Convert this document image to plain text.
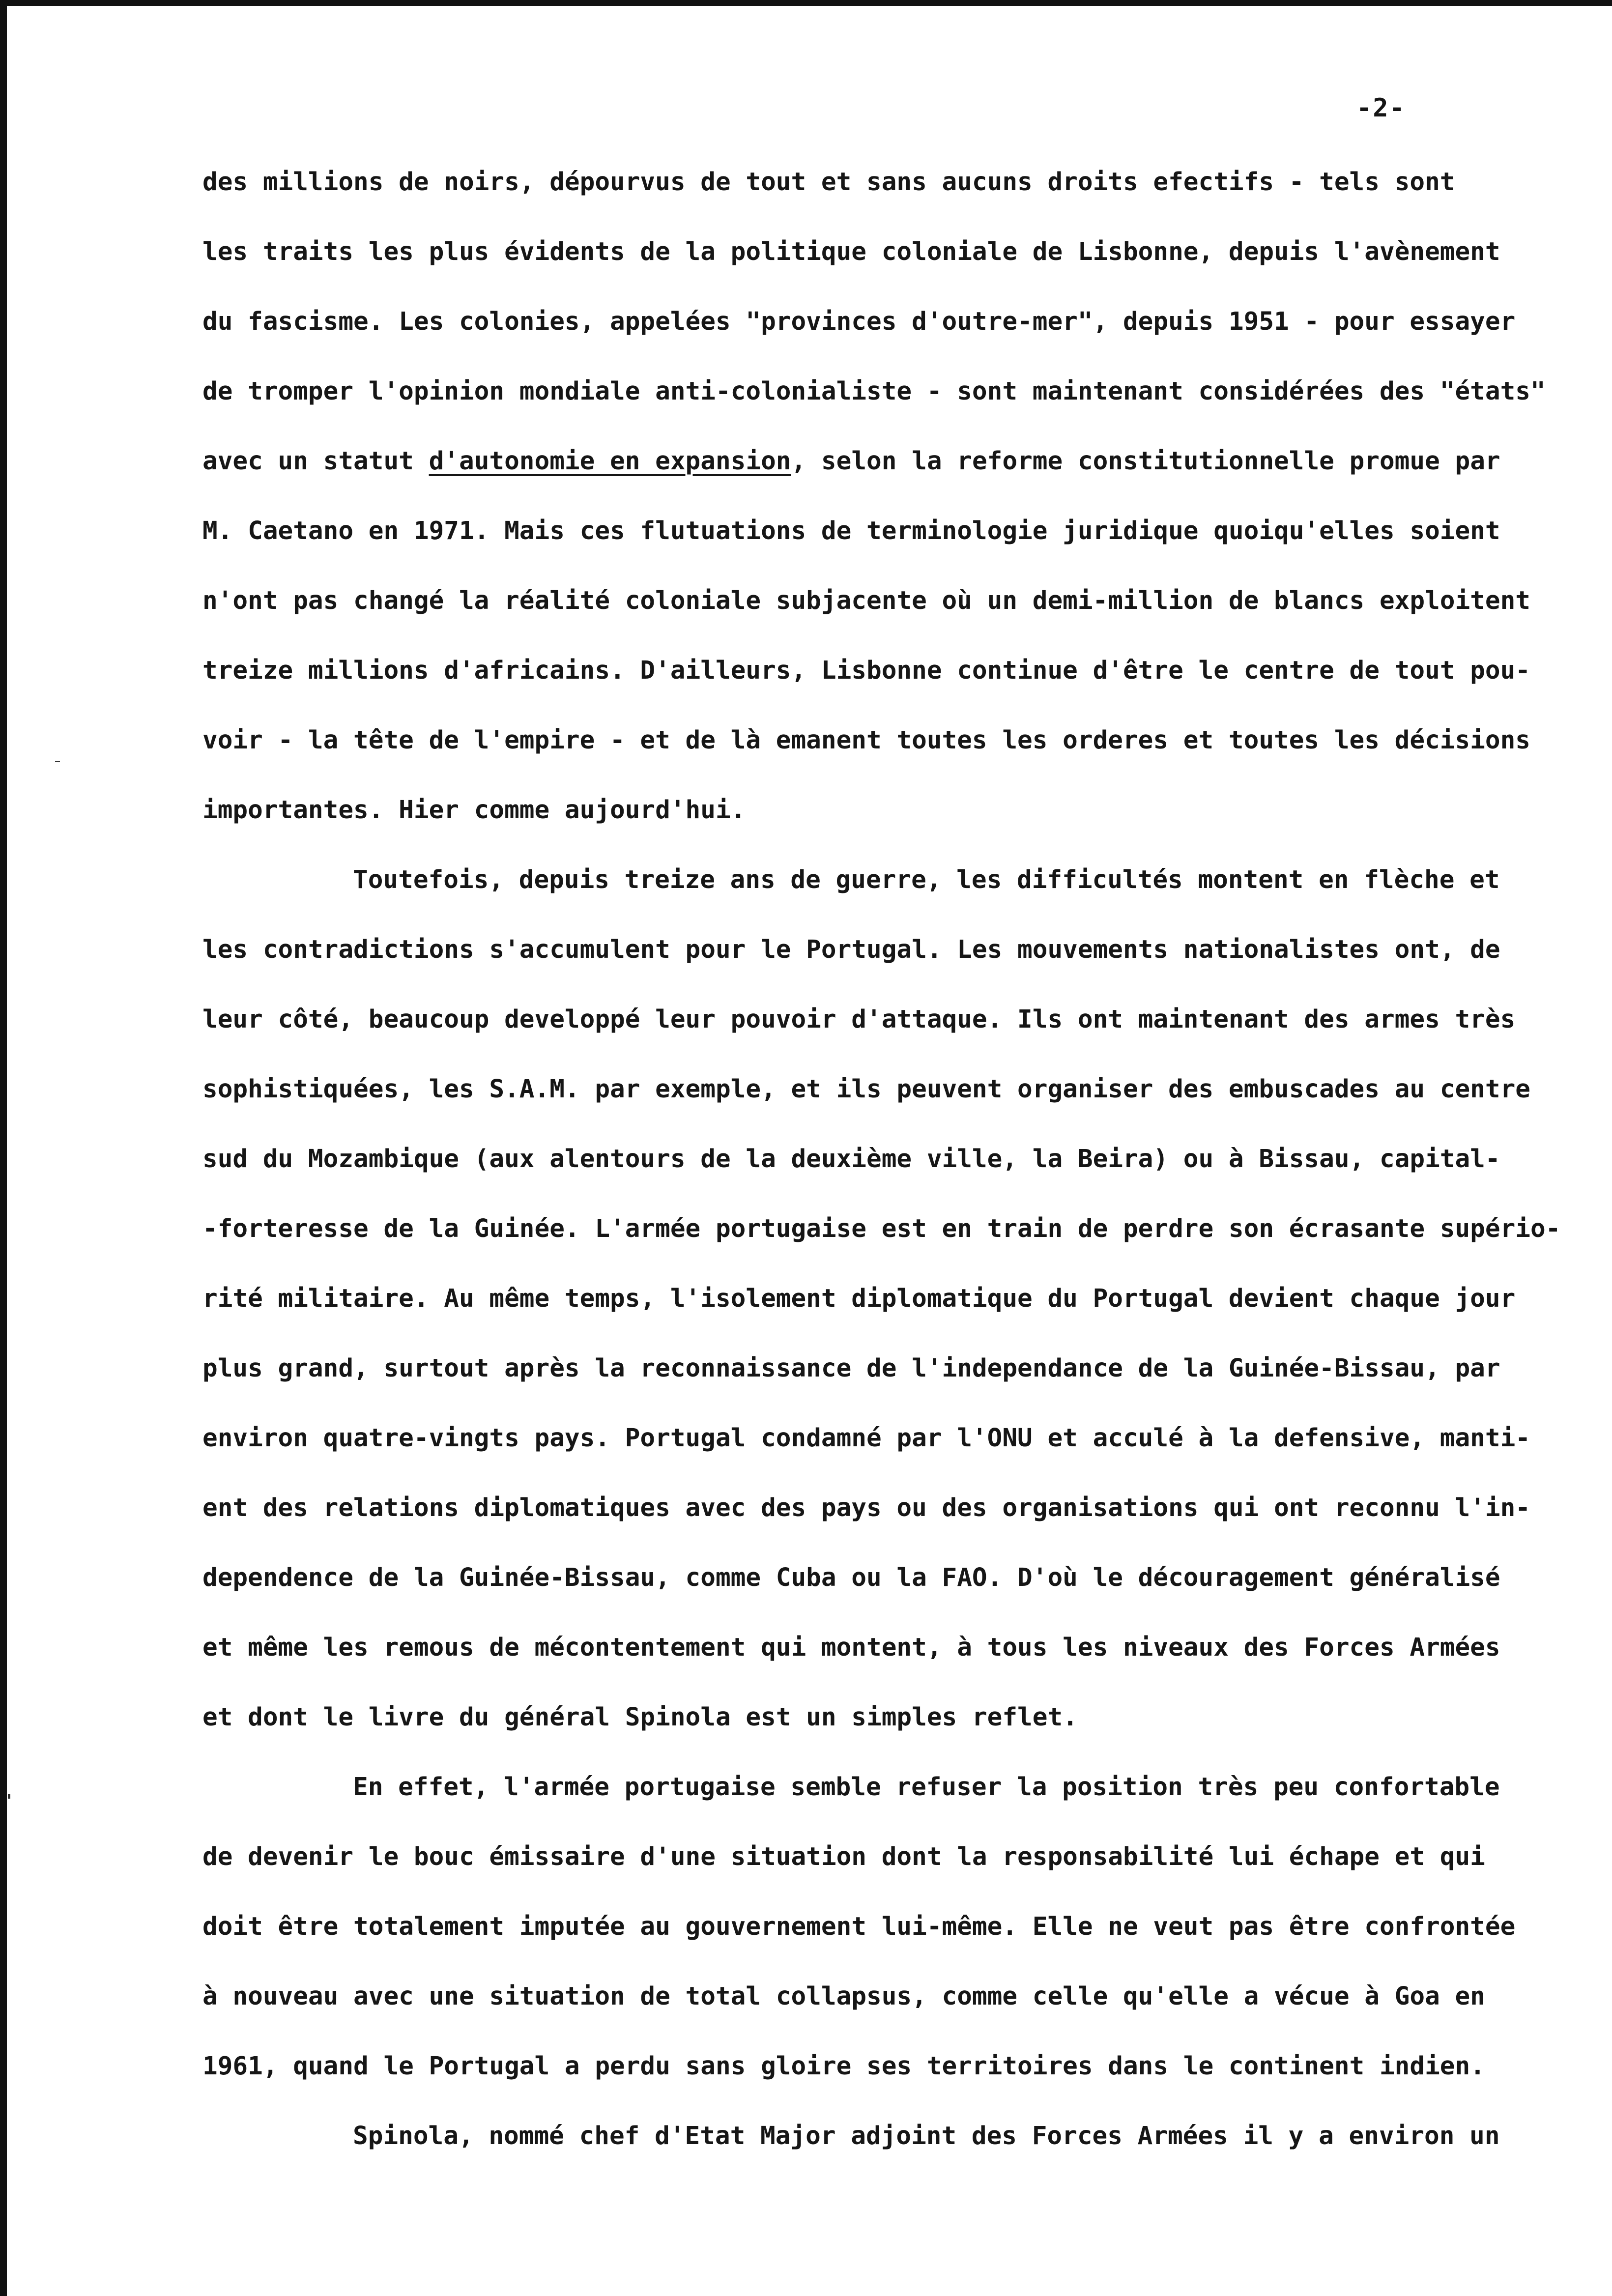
-2-
des millions de noirs, dépourvus de tout et sans aucuns droits efectifs - tels sont
les traits les plus évidents de la politique coloniale de Lisbonne, depuis l'avènement
du fascisme. Les colonies, appelées "provinces d'outre-mer", depuis 1951 - pour essayer
de tromper l'opinion mondiale anti-colonialiste - sont maintenant considérées des "états"
avec un statut d'autonomie en expansion, selon la reforme constitutionnelle promue par
M. Caetano en 1971. Mais ces flutuations de terminologie juridique quoiqu'elles soient
n'ont pas changé la réalité coloniale subjacente où un demi-million de blancs exploitent
treize millions d'africains. D'ailleurs, Lisbonne continue d'être le centre de tout pou-
voir - la tête de l'empire - et de là emanent toutes les orderes et toutes les décisions
importantes. Hier comme aujourd'hui.
Toutefois, depuis treize ans de guerre, les difficultés montent en flèche et
les contradictions s'accumulent pour le Portugal. Les mouvements nationalistes ont, de
leur côté, beaucoup developpé leur pouvoir d'attaque. Ils ont maintenant des armes très
sophistiquées, les S.A.M. par exemple, et ils peuvent organiser des embuscades au centre
sud du Mozambique (aux alentours de la deuxième ville, la Beira) ou à Bissau, capital-
-forteresse de la Guinée. L'armée portugaise est en train de perdre son écrasante supério-
rité militaire. Au même temps, l'isolement diplomatique du Portugal devient chaque jour
plus grand, surtout après la reconnaissance de l'independance de la Guinée-Bissau, par
environ quatre-vingts pays. Portugal condamné par l'ONU et acculé à la defensive, manti-
ent des relations diplomatiques avec des pays ou des organisations qui ont reconnu l'in-
dependence de la Guinée-Bissau, comme Cuba ou la FAO. D'où le découragement généralisé
et même les remous de mécontentement qui montent, à tous les niveaux des Forces Armées
et dont le livre du général Spinola est un simples reflet.
En effet, l'armée portugaise semble refuser la position très peu confortable
de devenir le bouc émissaire d'une situation dont la responsabilité lui échape et qui
doit être totalement imputée au gouvernement lui-même. Elle ne veut pas être confrontée
à nouveau avec une situation de total collapsus, comme celle qu'elle a vécue à Goa en
1961, quand le Portugal a perdu sans gloire ses territoires dans le continent indien.
Spinola, nommé chef d'Etat Major adjoint des Forces Armées il y a environ un
